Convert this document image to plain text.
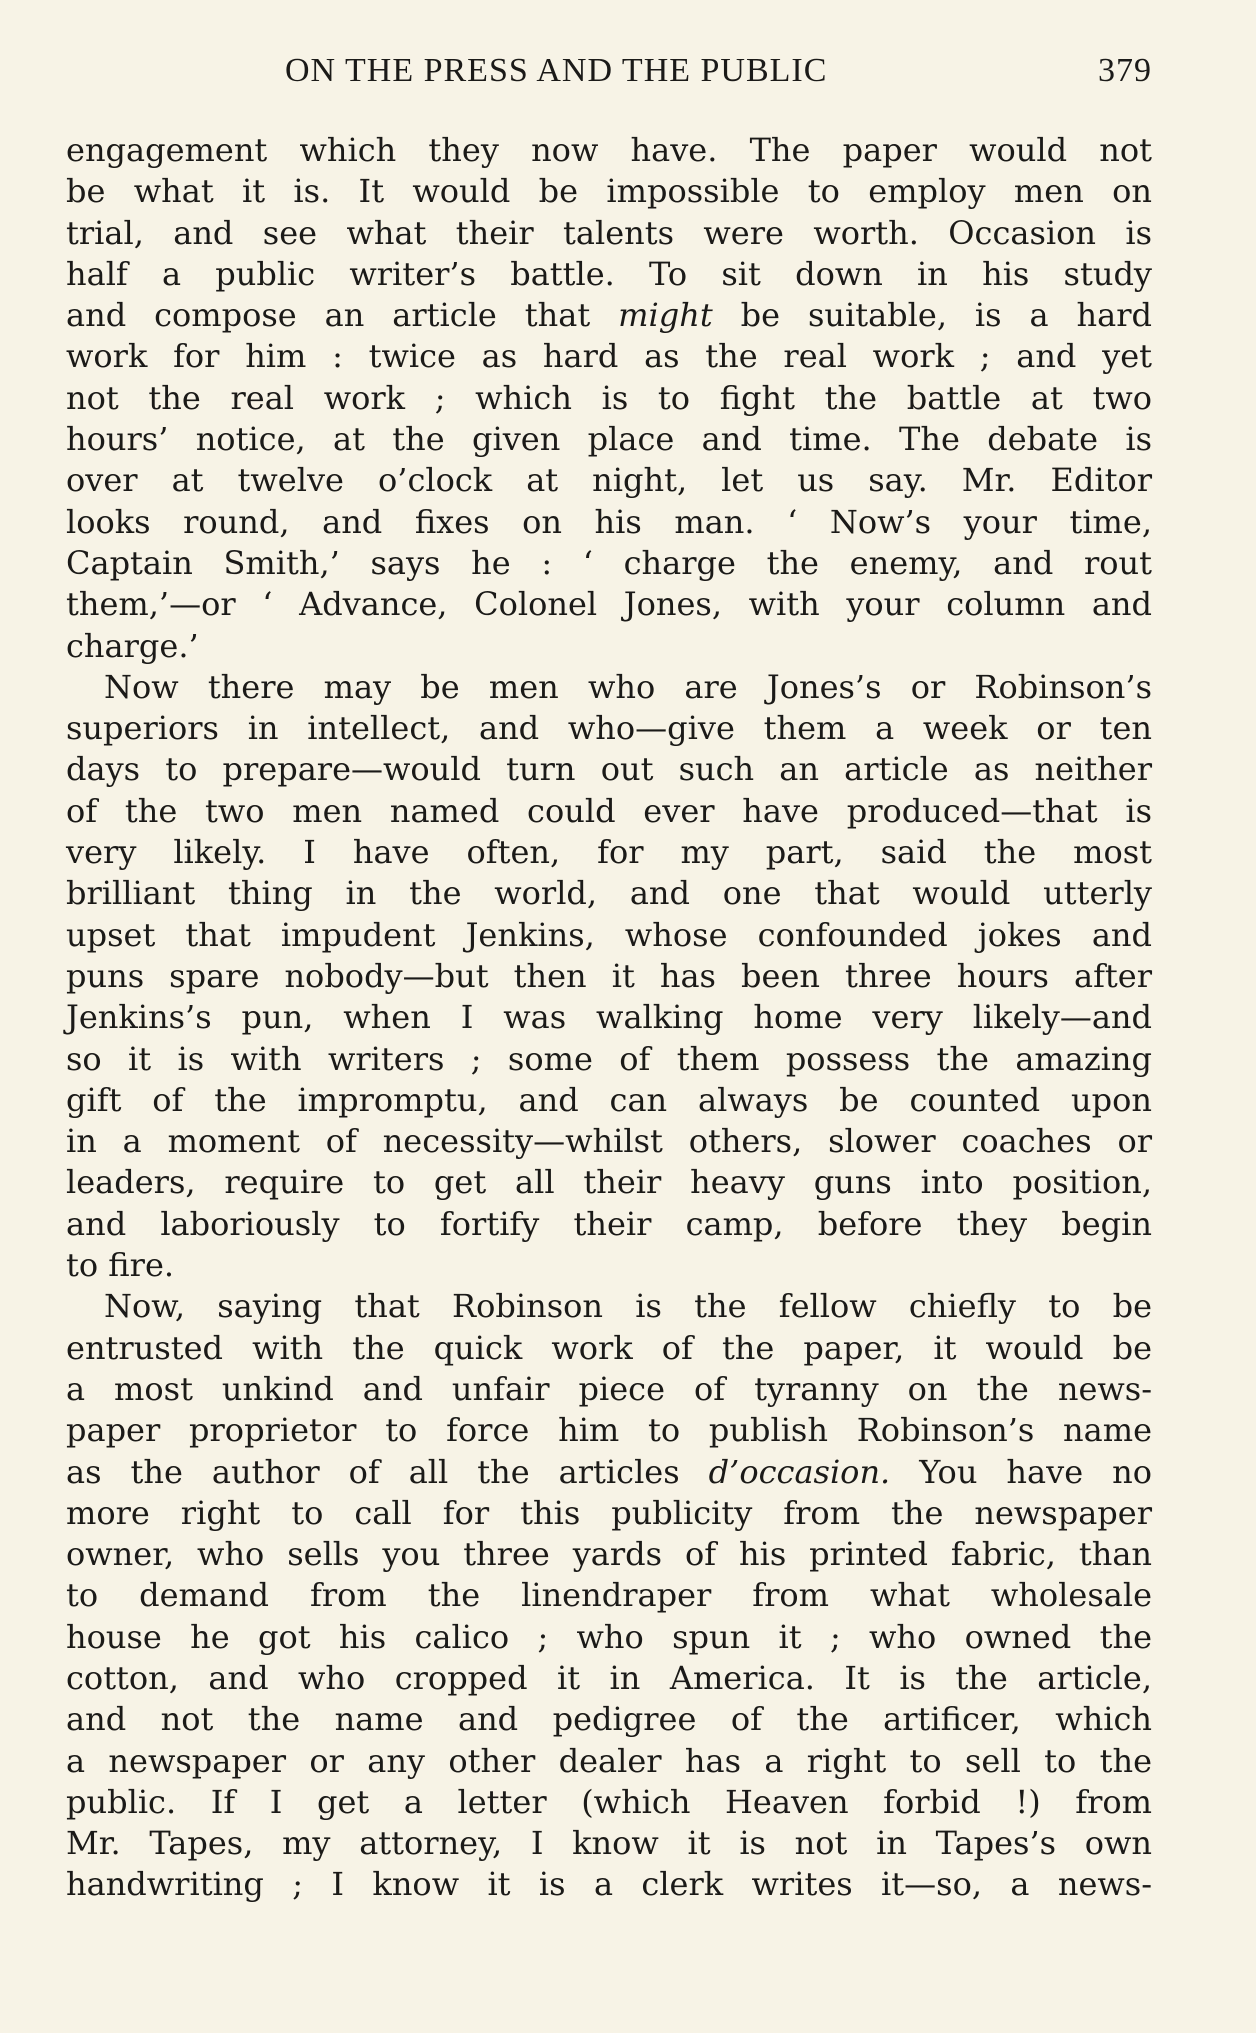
ON THE PRESS AND THE PUBLIC	379
engagement which they now have. The paper would not
be what it is. It would be impossible to employ men on
trial, and see what their talents were worth. Occasion is
half a public writer’s battle. To sit down in his study
and compose an article that might be suitable, is a hard
work for him : twice as hard as the real work ; and yet
not the real work ; which is to fight the battle at two
hours’ notice, at the given place and time. The debate is
over at twelve o’clock at night, let us say. Mr. Editor
looks round, and fixes on his man. ‘ Now’s your time,
Captain Smith,’ says he : ‘ charge the enemy, and rout
them,’—or ‘ Advance, Colonel Jones, with your column and
charge.’
Now there may be men who are Jones’s or Robinson’s
superiors in intellect, and who—give them a week or ten
days to prepare—would turn out such an article as neither
of the two men named could ever have produced—that is
very likely. I have often, for my part, said the most
brilliant thing in the world, and one that would utterly
upset that impudent Jenkins, whose confounded jokes and
puns spare nobody—but then it has been three hours after
Jenkins’s pun, when I was walking home very likely—and
so it is with writers ; some of them possess the amazing
gift of the impromptu, and can always be counted upon
in a moment of necessity—whilst others, slower coaches or
leaders, require to get all their heavy guns into position,
and laboriously to fortify their camp, before they begin
to fire.
Now, saying that Robinson is the fellow chiefly to be
entrusted with the quick work of the paper, it would be
a most unkind and unfair piece of tyranny on the news-
paper proprietor to force him to publish Robinson’s name
as the author of all the articles d’occasion. You have no
more right to call for this publicity from the newspaper
owner, who sells you three yards of his printed fabric, than
to demand from the linendraper from what wholesale
house he got his calico ; who spun it ; who owned the
cotton, and who cropped it in America. It is the article,
and not the name and pedigree of the artificer, which
a newspaper or any other dealer has a right to sell to the
public. If I get a letter (which Heaven forbid !) from
Mr. Tapes, my attorney, I know it is not in Tapes’s own
handwriting ; I know it is a clerk writes it—so, a news-
